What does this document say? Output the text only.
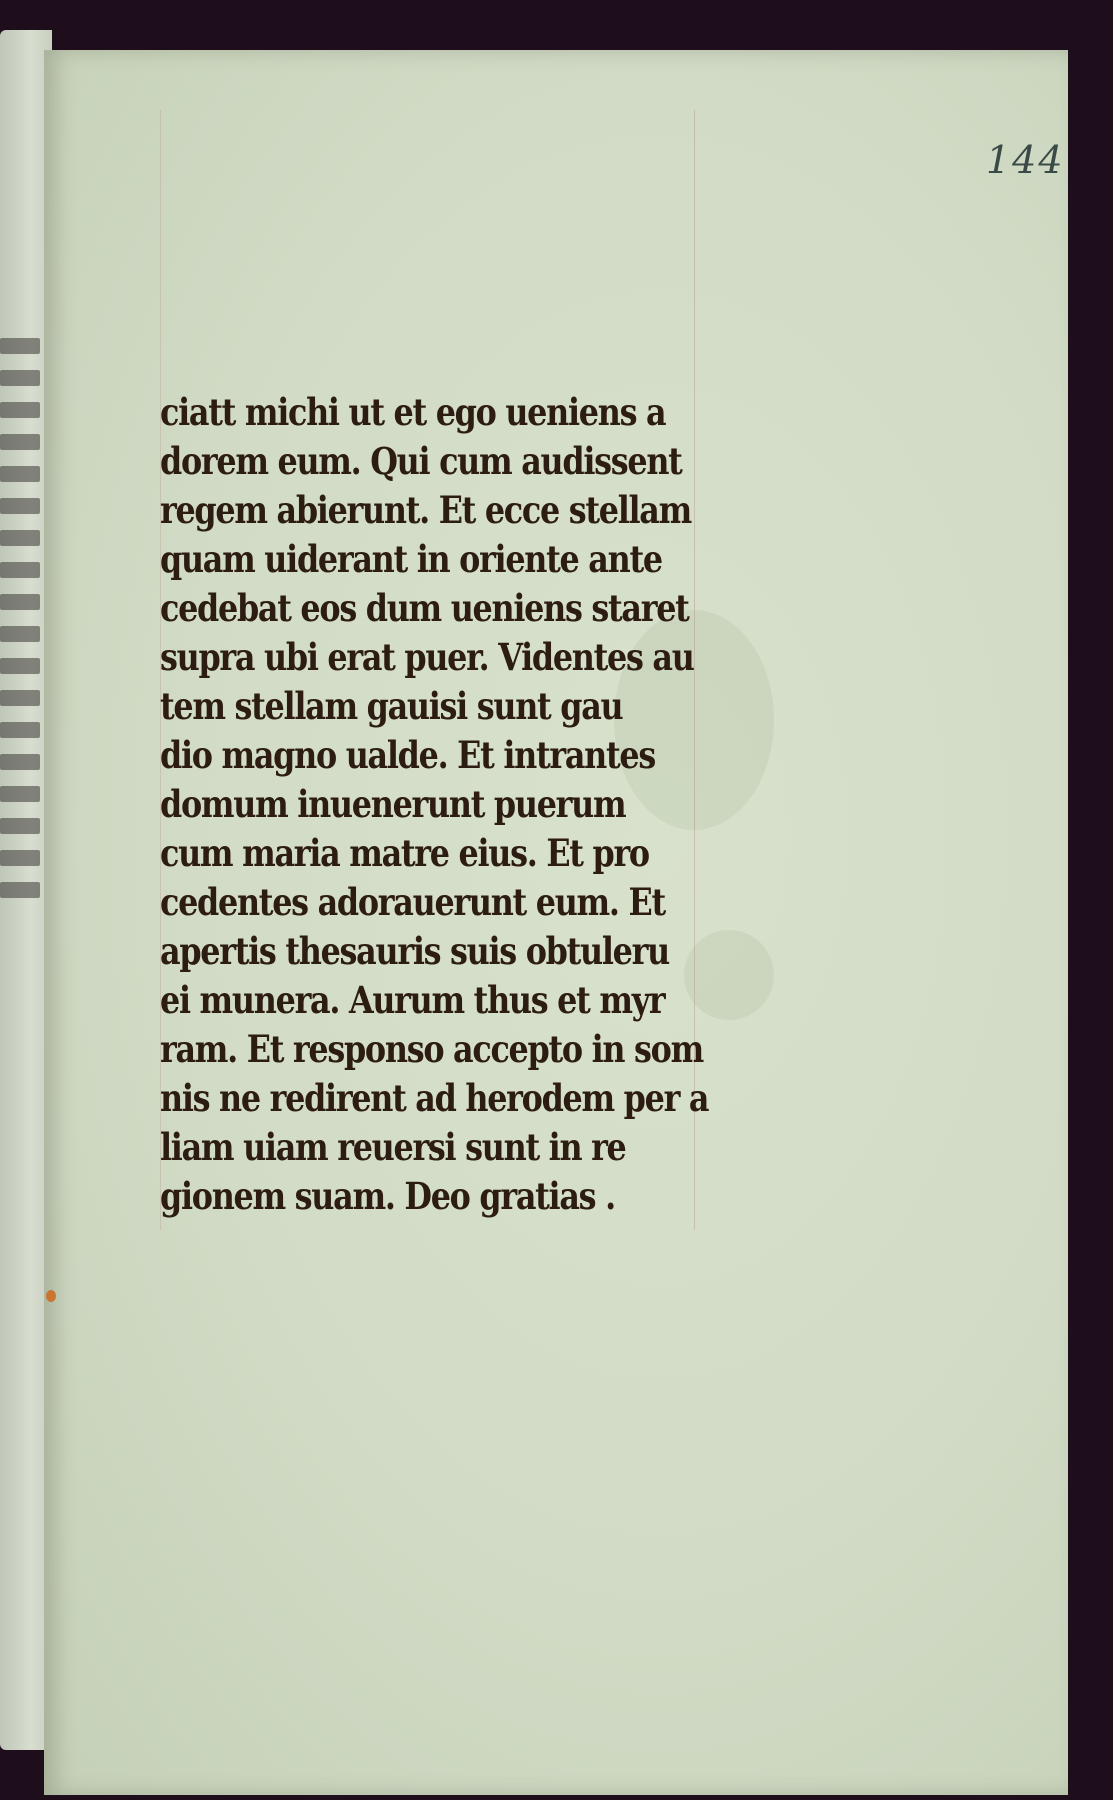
144
ciatt michi ut et ego ueniens a
dorem eum. Qui cum audissent
regem abierunt. Et ecce stellam
quam uiderant in oriente ante
cedebat eos dum ueniens staret
supra ubi erat puer. Videntes au
tem stellam gauisi sunt gau
dio magno ualde. Et intrantes
domum inuenerunt puerum
cum maria matre eius. Et pro
cedentes adorauerunt eum. Et
apertis thesauris suis obtuleru
ei munera. Aurum thus et myr
ram. Et responso accepto in som
nis ne redirent ad herodem per a
liam uiam reuersi sunt in re
gionem suam. Deo gratias .
